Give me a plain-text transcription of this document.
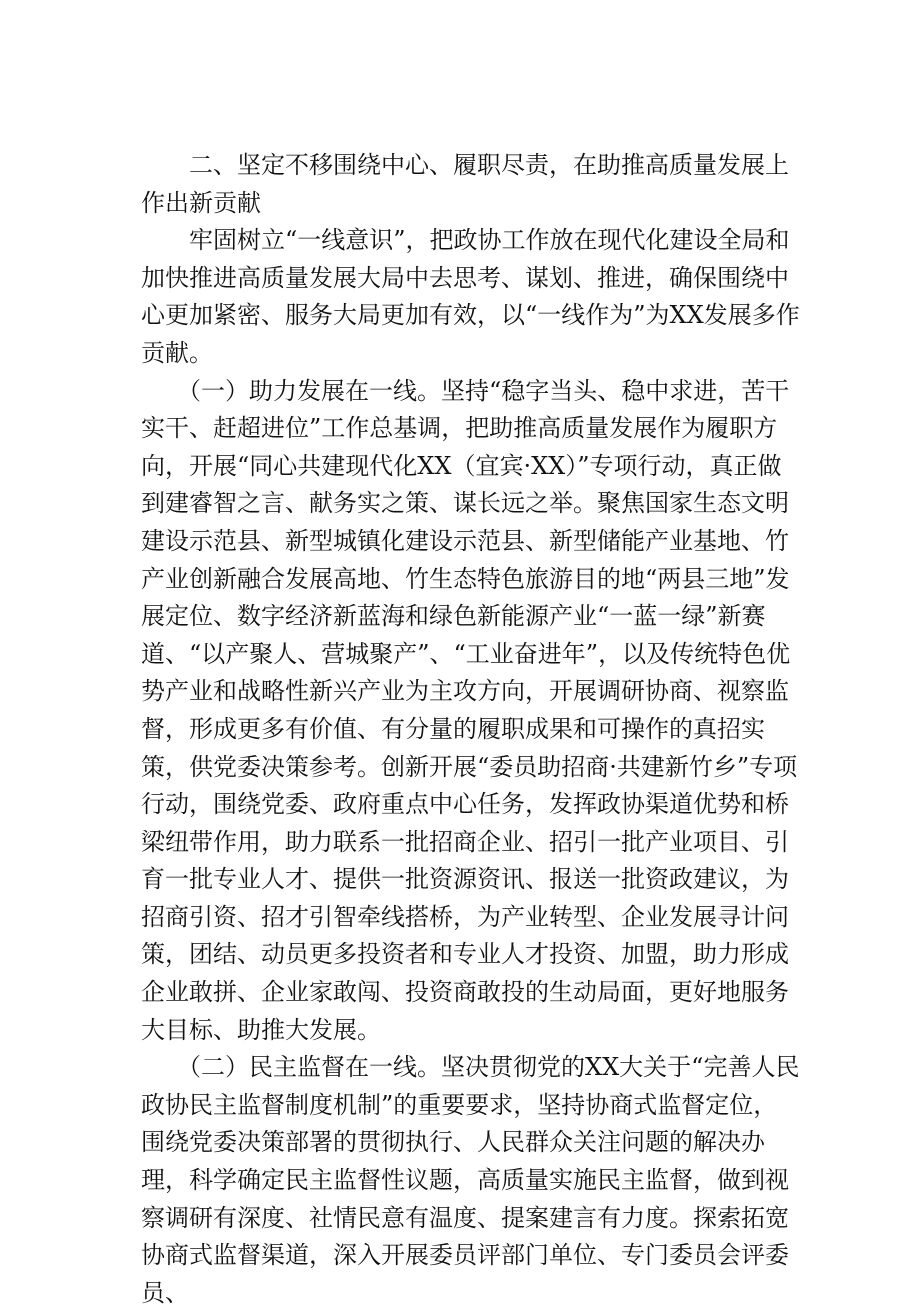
　　二、坚定不移围绕中心、履职尽责，在助推高质量发展上作出新贡献

　　牢固树立“一线意识”，把政协工作放在现代化建设全局和加快推进高质量发展大局中去思考、谋划、推进，确保围绕中心更加紧密、服务大局更加有效，以“一线作为”为XX发展多作贡献。

　　（一）助力发展在一线。坚持“稳字当头、稳中求进，苦干实干、赶超进位”工作总基调，把助推高质量发展作为履职方向，开展“同心共建现代化XX（宜宾·XX）”专项行动，真正做到建睿智之言、献务实之策、谋长远之举。聚焦国家生态文明建设示范县、新型城镇化建设示范县、新型储能产业基地、竹产业创新融合发展高地、竹生态特色旅游目的地“两县三地”发展定位、数字经济新蓝海和绿色新能源产业“一蓝一绿”新赛道、“以产聚人、营城聚产”、“工业奋进年”，以及传统特色优势产业和战略性新兴产业为主攻方向，开展调研协商、视察监督，形成更多有价值、有分量的履职成果和可操作的真招实策，供党委决策参考。创新开展“委员助招商·共建新竹乡”专项行动，围绕党委、政府重点中心任务，发挥政协渠道优势和桥梁纽带作用，助力联系一批招商企业、招引一批产业项目、引育一批专业人才、提供一批资源资讯、报送一批资政建议，为招商引资、招才引智牵线搭桥，为产业转型、企业发展寻计问策，团结、动员更多投资者和专业人才投资、加盟，助力形成企业敢拼、企业家敢闯、投资商敢投的生动局面，更好地服务大目标、助推大发展。

　　（二）民主监督在一线。坚决贯彻党的XX大关于“完善人民政协民主监督制度机制”的重要要求，坚持协商式监督定位，围绕党委决策部署的贯彻执行、人民群众关注问题的解决办理，科学确定民主监督性议题，高质量实施民主监督，做到视察调研有深度、社情民意有温度、提案建言有力度。探索拓宽协商式监督渠道，深入开展委员评部门单位、专门委员会评委员、
